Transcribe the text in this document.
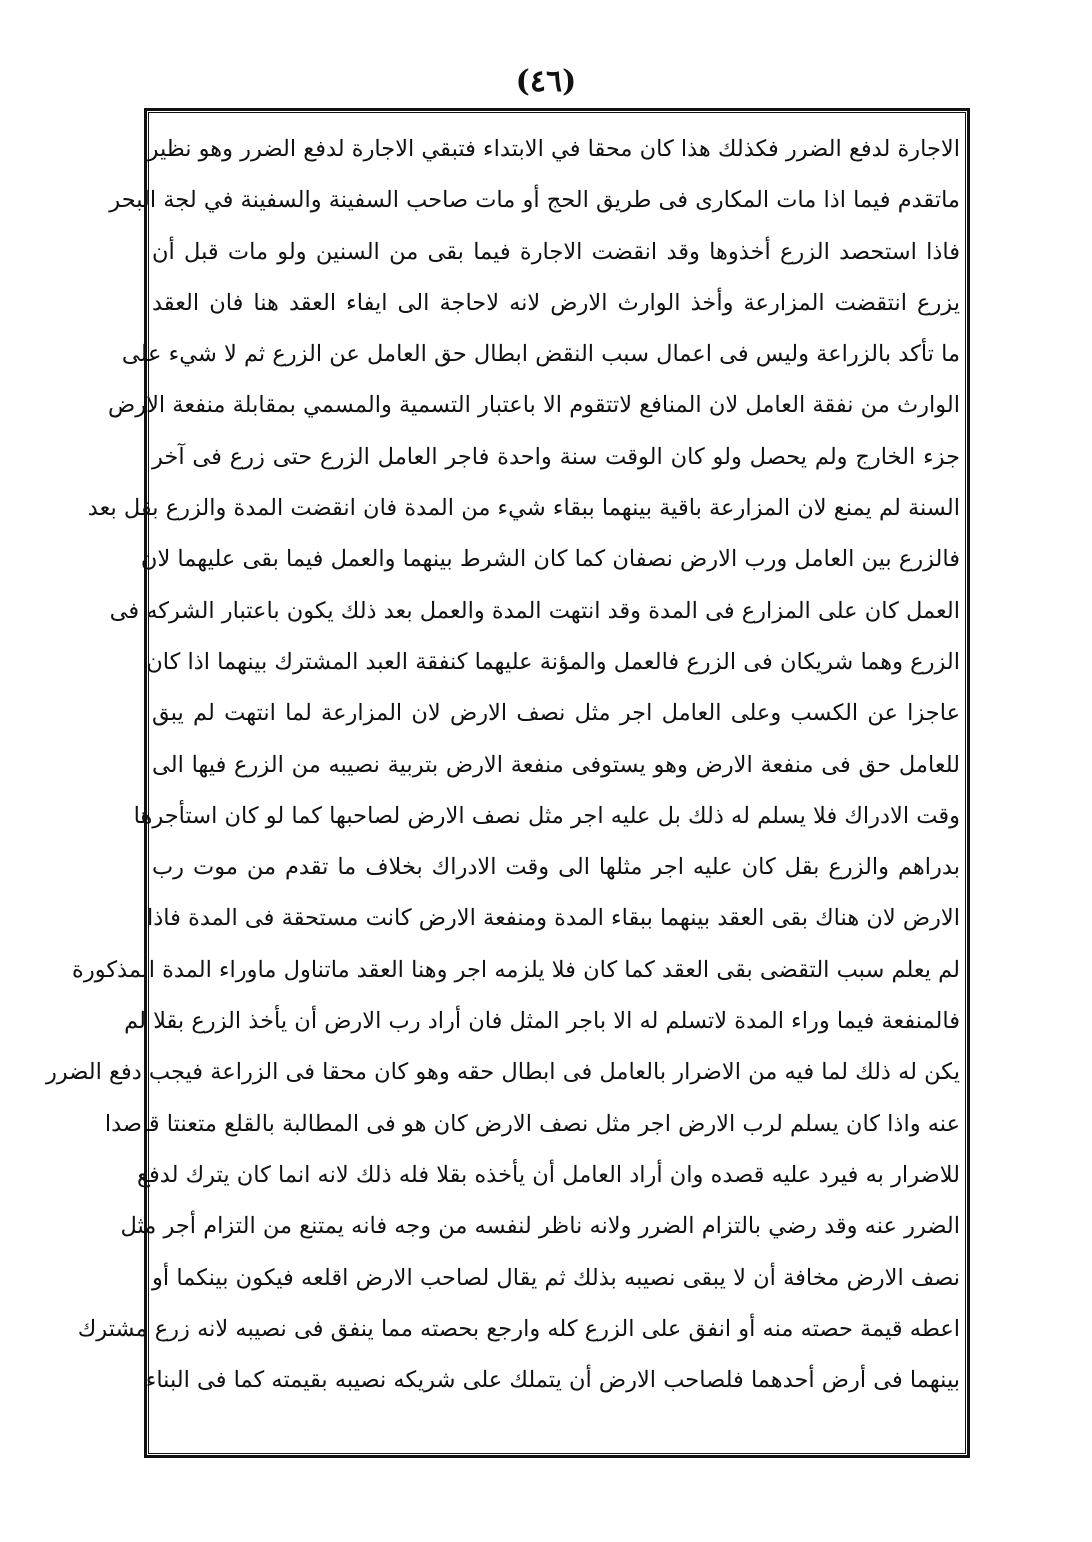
(٤٦)
الاجارة لدفع الضرر فكذلك هذا كان محقا في الابتداء فتبقي الاجارة لدفع الضرر وهو نظير
ماتقدم فيما اذا مات المكارى فى طريق الحج أو مات صاحب السفينة والسفينة في لجة البحر
فاذا استحصد الزرع أخذوها وقد انقضت الاجارة فيما بقى من السنين ولو مات قبل أن
يزرع انتقضت المزارعة وأخذ الوارث الارض لانه لاحاجة الى ايفاء العقد هنا فان العقد
ما تأكد بالزراعة وليس فى اعمال سبب النقض ابطال حق العامل عن الزرع ثم لا شيء على
الوارث من نفقة العامل لان المنافع لاتتقوم الا باعتبار التسمية والمسمي بمقابلة منفعة الارض
جزء الخارج ولم يحصل ولو كان الوقت سنة واحدة فاجر العامل الزرع حتى زرع فى آخر
السنة لم يمنع لان المزارعة باقية بينهما ببقاء شيء من المدة فان انقضت المدة والزرع بقل بعد
فالزرع بين العامل ورب الارض نصفان كما كان الشرط بينهما والعمل فيما بقى عليهما لان
العمل كان على المزارع فى المدة وقد انتهت المدة والعمل بعد ذلك يكون باعتبار الشركه فى
الزرع وهما شريكان فى الزرع فالعمل والمؤنة عليهما كنفقة العبد المشترك بينهما اذا كان
عاجزا عن الكسب وعلى العامل اجر مثل نصف الارض لان المزارعة لما انتهت لم يبق
للعامل حق فى منفعة الارض وهو يستوفى منفعة الارض بتربية نصيبه من الزرع فيها الى
وقت الادراك فلا يسلم له ذلك بل عليه اجر مثل نصف الارض لصاحبها كما لو كان استأجرها
بدراهم والزرع بقل كان عليه اجر مثلها الى وقت الادراك بخلاف ما تقدم من موت رب
الارض لان هناك بقى العقد بينهما ببقاء المدة ومنفعة الارض كانت مستحقة فى المدة فاذا
لم يعلم سبب التقضى بقى العقد كما كان فلا يلزمه اجر وهنا العقد ماتناول ماوراء المدة المذكورة
فالمنفعة فيما وراء المدة لاتسلم له الا باجر المثل فان أراد رب الارض أن يأخذ الزرع بقلا لم
يكن له ذلك لما فيه من الاضرار بالعامل فى ابطال حقه وهو كان محقا فى الزراعة فيجب دفع الضرر
عنه واذا كان يسلم لرب الارض اجر مثل نصف الارض كان هو فى المطالبة بالقلع متعنتا قاصدا
للاضرار به فيرد عليه قصده وان أراد العامل أن يأخذه بقلا فله ذلك لانه انما كان يترك لدفع
الضرر عنه وقد رضي بالتزام الضرر ولانه ناظر لنفسه من وجه فانه يمتنع من التزام أجر مثل
نصف الارض مخافة أن لا يبقى نصيبه بذلك ثم يقال لصاحب الارض اقلعه فيكون بينكما أو
اعطه قيمة حصته منه أو انفق على الزرع كله وارجع بحصته مما ينفق فى نصيبه لانه زرع مشترك
بينهما فى أرض أحدهما فلصاحب الارض أن يتملك على شريكه نصيبه بقيمته كما فى البناء
